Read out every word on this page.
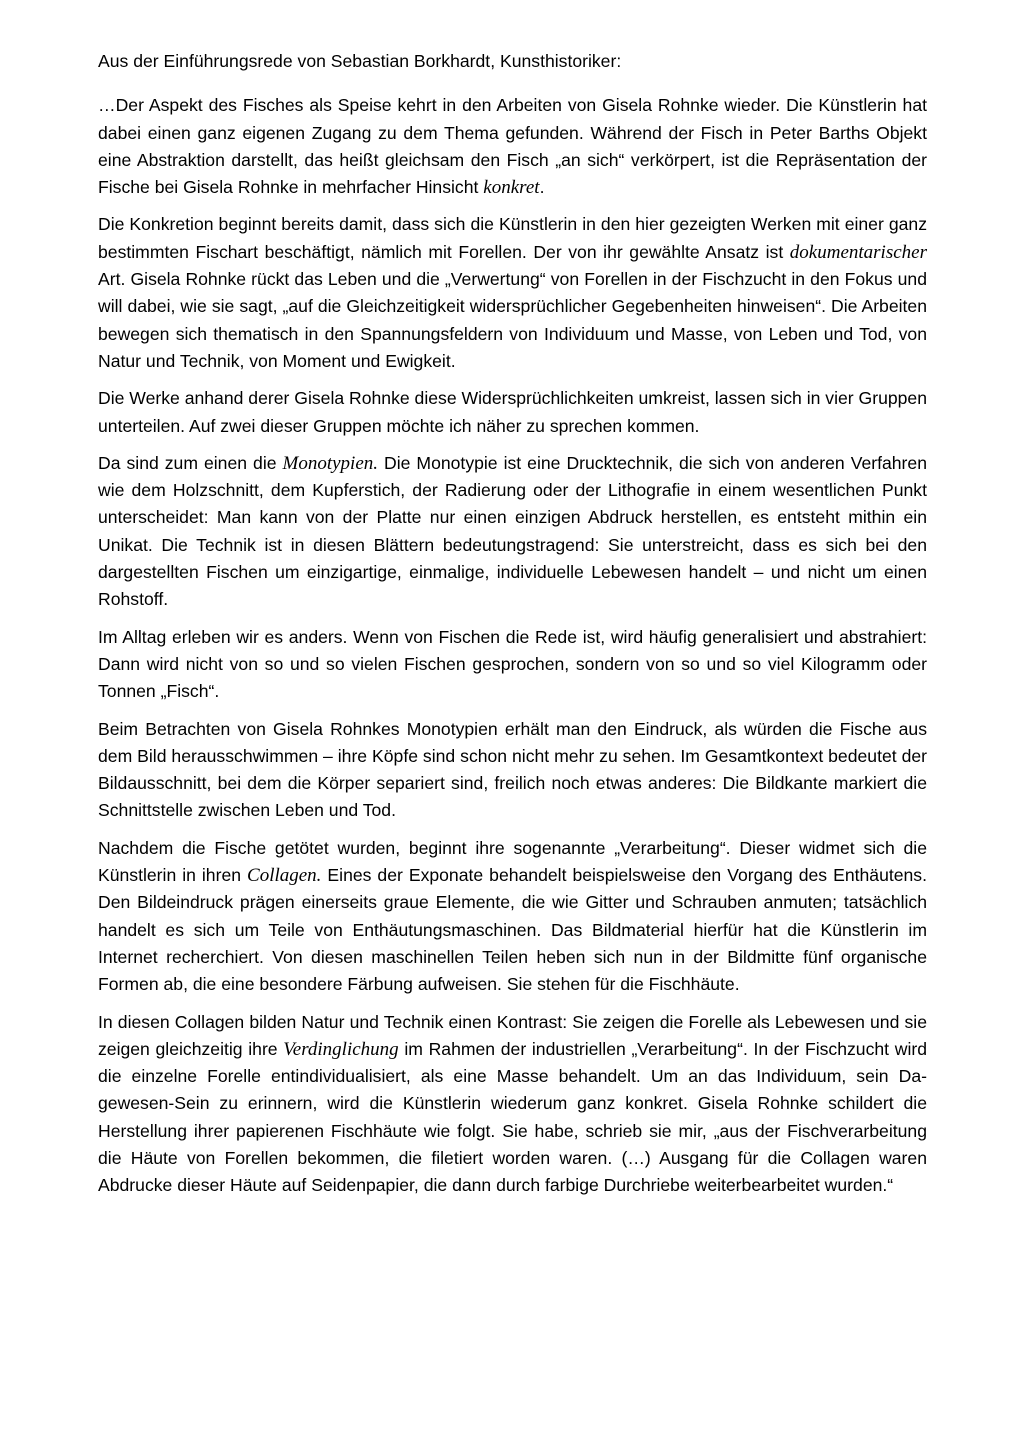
Aus der Einführungsrede von Sebastian Borkhardt, Kunsthistoriker:

…Der Aspekt des Fisches als Speise kehrt in den Arbeiten von Gisela Rohnke wieder. Die Künstlerin hat dabei einen ganz eigenen Zugang zu dem Thema gefunden. Während der Fisch in Peter Barths Objekt eine Abstraktion darstellt, das heißt gleichsam den Fisch „an sich“ verkörpert, ist die Repräsentation der Fische bei Gisela Rohnke in mehrfacher Hinsicht konkret.

Die Konkretion beginnt bereits damit, dass sich die Künstlerin in den hier gezeigten Werken mit einer ganz bestimmten Fischart beschäftigt, nämlich mit Forellen. Der von ihr gewählte Ansatz ist dokumentarischer Art. Gisela Rohnke rückt das Leben und die „Verwertung“ von Forellen in der Fischzucht in den Fokus und will dabei, wie sie sagt, „auf die Gleichzeitigkeit widersprüchlicher Gegebenheiten hinweisen“. Die Arbeiten bewegen sich thematisch in den Spannungsfeldern von Individuum und Masse, von Leben und Tod, von Natur und Technik, von Moment und Ewigkeit.

Die Werke anhand derer Gisela Rohnke diese Widersprüchlichkeiten umkreist, lassen sich in vier Gruppen unterteilen. Auf zwei dieser Gruppen möchte ich näher zu sprechen kommen.

Da sind zum einen die Monotypien. Die Monotypie ist eine Drucktechnik, die sich von anderen Verfahren wie dem Holzschnitt, dem Kupferstich, der Radierung oder der Lithografie in einem wesentlichen Punkt unterscheidet: Man kann von der Platte nur einen einzigen Abdruck herstellen, es entsteht mithin ein Unikat. Die Technik ist in diesen Blättern bedeutungstragend: Sie unterstreicht, dass es sich bei den dargestellten Fischen um einzigartige, einmalige, individuelle Lebewesen handelt – und nicht um einen Rohstoff.

Im Alltag erleben wir es anders. Wenn von Fischen die Rede ist, wird häufig generalisiert und abstrahiert: Dann wird nicht von so und so vielen Fischen gesprochen, sondern von so und so viel Kilogramm oder Tonnen „Fisch“.

Beim Betrachten von Gisela Rohnkes Monotypien erhält man den Eindruck, als würden die Fische aus dem Bild herausschwimmen – ihre Köpfe sind schon nicht mehr zu sehen. Im Gesamtkontext bedeutet der Bildausschnitt, bei dem die Körper separiert sind, freilich noch etwas anderes: Die Bildkante markiert die Schnittstelle zwischen Leben und Tod.

Nachdem die Fische getötet wurden, beginnt ihre sogenannte „Verarbeitung“. Dieser widmet sich die Künstlerin in ihren Collagen. Eines der Exponate behandelt beispielsweise den Vorgang des Enthäutens. Den Bildeindruck prägen einerseits graue Elemente, die wie Gitter und Schrauben anmuten; tatsächlich handelt es sich um Teile von Enthäutungsmaschinen. Das Bildmaterial hierfür hat die Künstlerin im Internet recherchiert. Von diesen maschinellen Teilen heben sich nun in der Bildmitte fünf organische Formen ab, die eine besondere Färbung aufweisen. Sie stehen für die Fischhäute.

In diesen Collagen bilden Natur und Technik einen Kontrast: Sie zeigen die Forelle als Lebewesen und sie zeigen gleichzeitig ihre Verdinglichung im Rahmen der industriellen „Verarbeitung“. In der Fischzucht wird die einzelne Forelle entindividualisiert, als eine Masse behandelt. Um an das Individuum, sein Da-gewesen-Sein zu erinnern, wird die Künstlerin wiederum ganz konkret. Gisela Rohnke schildert die Herstellung ihrer papierenen Fischhäute wie folgt. Sie habe, schrieb sie mir, „aus der Fischverarbeitung die Häute von Forellen bekommen, die filetiert worden waren. (…) Ausgang für die Collagen waren Abdrucke dieser Häute auf Seidenpapier, die dann durch farbige Durchriebe weiterbearbeitet wurden.“
